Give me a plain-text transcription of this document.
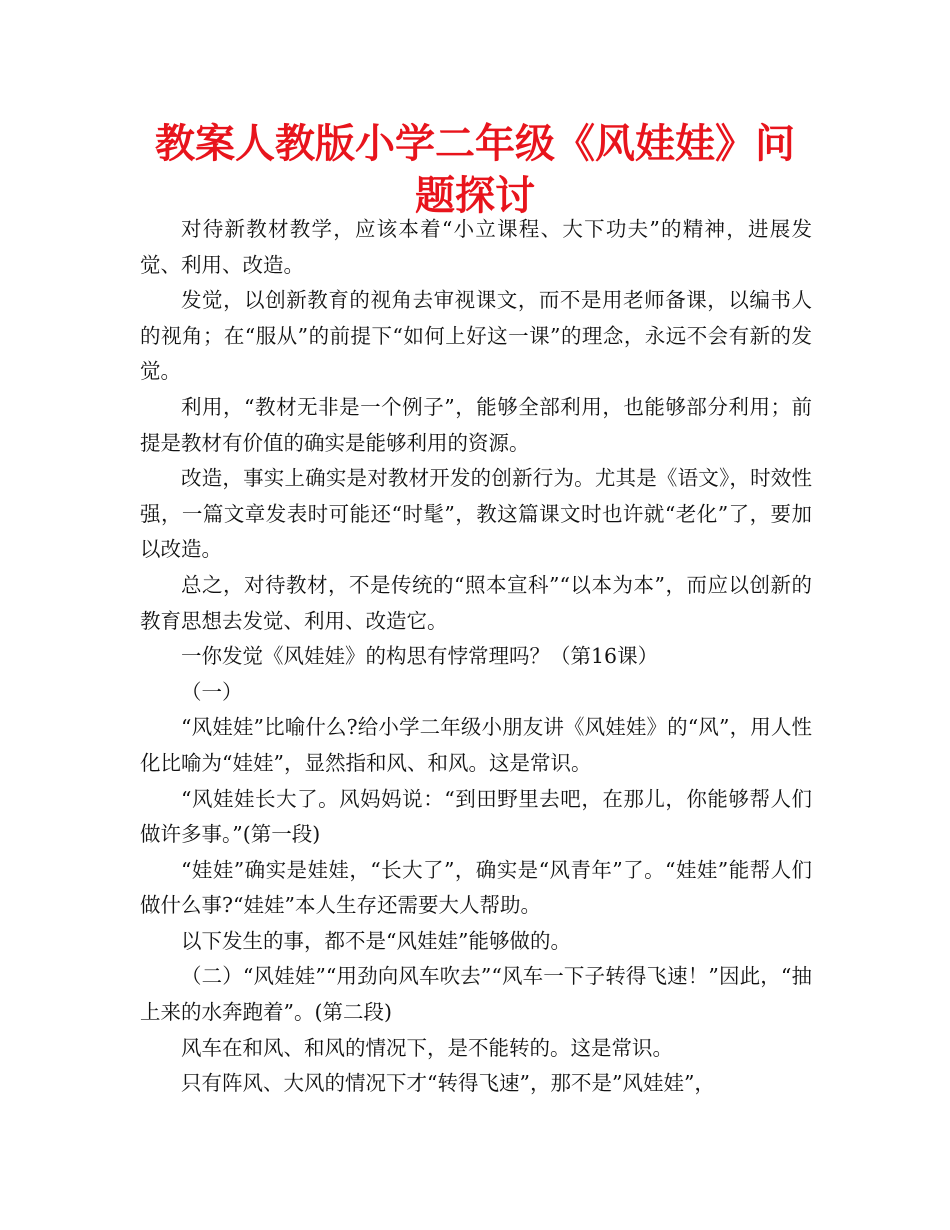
教案人教版小学二年级《风娃娃》问题探讨

对待新教材教学，应该本着“小立课程、大下功夫”的精神，进展发觉、利用、改造。

发觉，以创新教育的视角去审视课文，而不是用老师备课，以编书人的视角；在“服从”的前提下“如何上好这一课”的理念，永远不会有新的发觉。

利用，“教材无非是一个例子”，能够全部利用，也能够部分利用；前提是教材有价值的确实是能够利用的资源。

改造，事实上确实是对教材开发的创新行为。尤其是《语文》，时效性强，一篇文章发表时可能还“时髦”，教这篇课文时也许就“老化”了，要加以改造。

总之，对待教材，不是传统的“照本宣科”“以本为本”，而应以创新的教育思想去发觉、利用、改造它。

一你发觉《风娃娃》的构思有悖常理吗？（第16课）

（一）

“风娃娃”比喻什么?给小学二年级小朋友讲《风娃娃》的“风”，用人性化比喻为“娃娃”，显然指和风、和风。这是常识。

“风娃娃长大了。风妈妈说：“到田野里去吧，在那儿，你能够帮人们做许多事。”(第一段)

“娃娃”确实是娃娃，“长大了”，确实是“风青年”了。“娃娃”能帮人们做什么事?“娃娃”本人生存还需要大人帮助。

以下发生的事，都不是“风娃娃”能够做的。

（二）“风娃娃”“用劲向风车吹去”“风车一下子转得飞速！”因此，“抽上来的水奔跑着”。(第二段)

风车在和风、和风的情况下，是不能转的。这是常识。

只有阵风、大风的情况下才“转得飞速”，那不是”风娃娃”，
